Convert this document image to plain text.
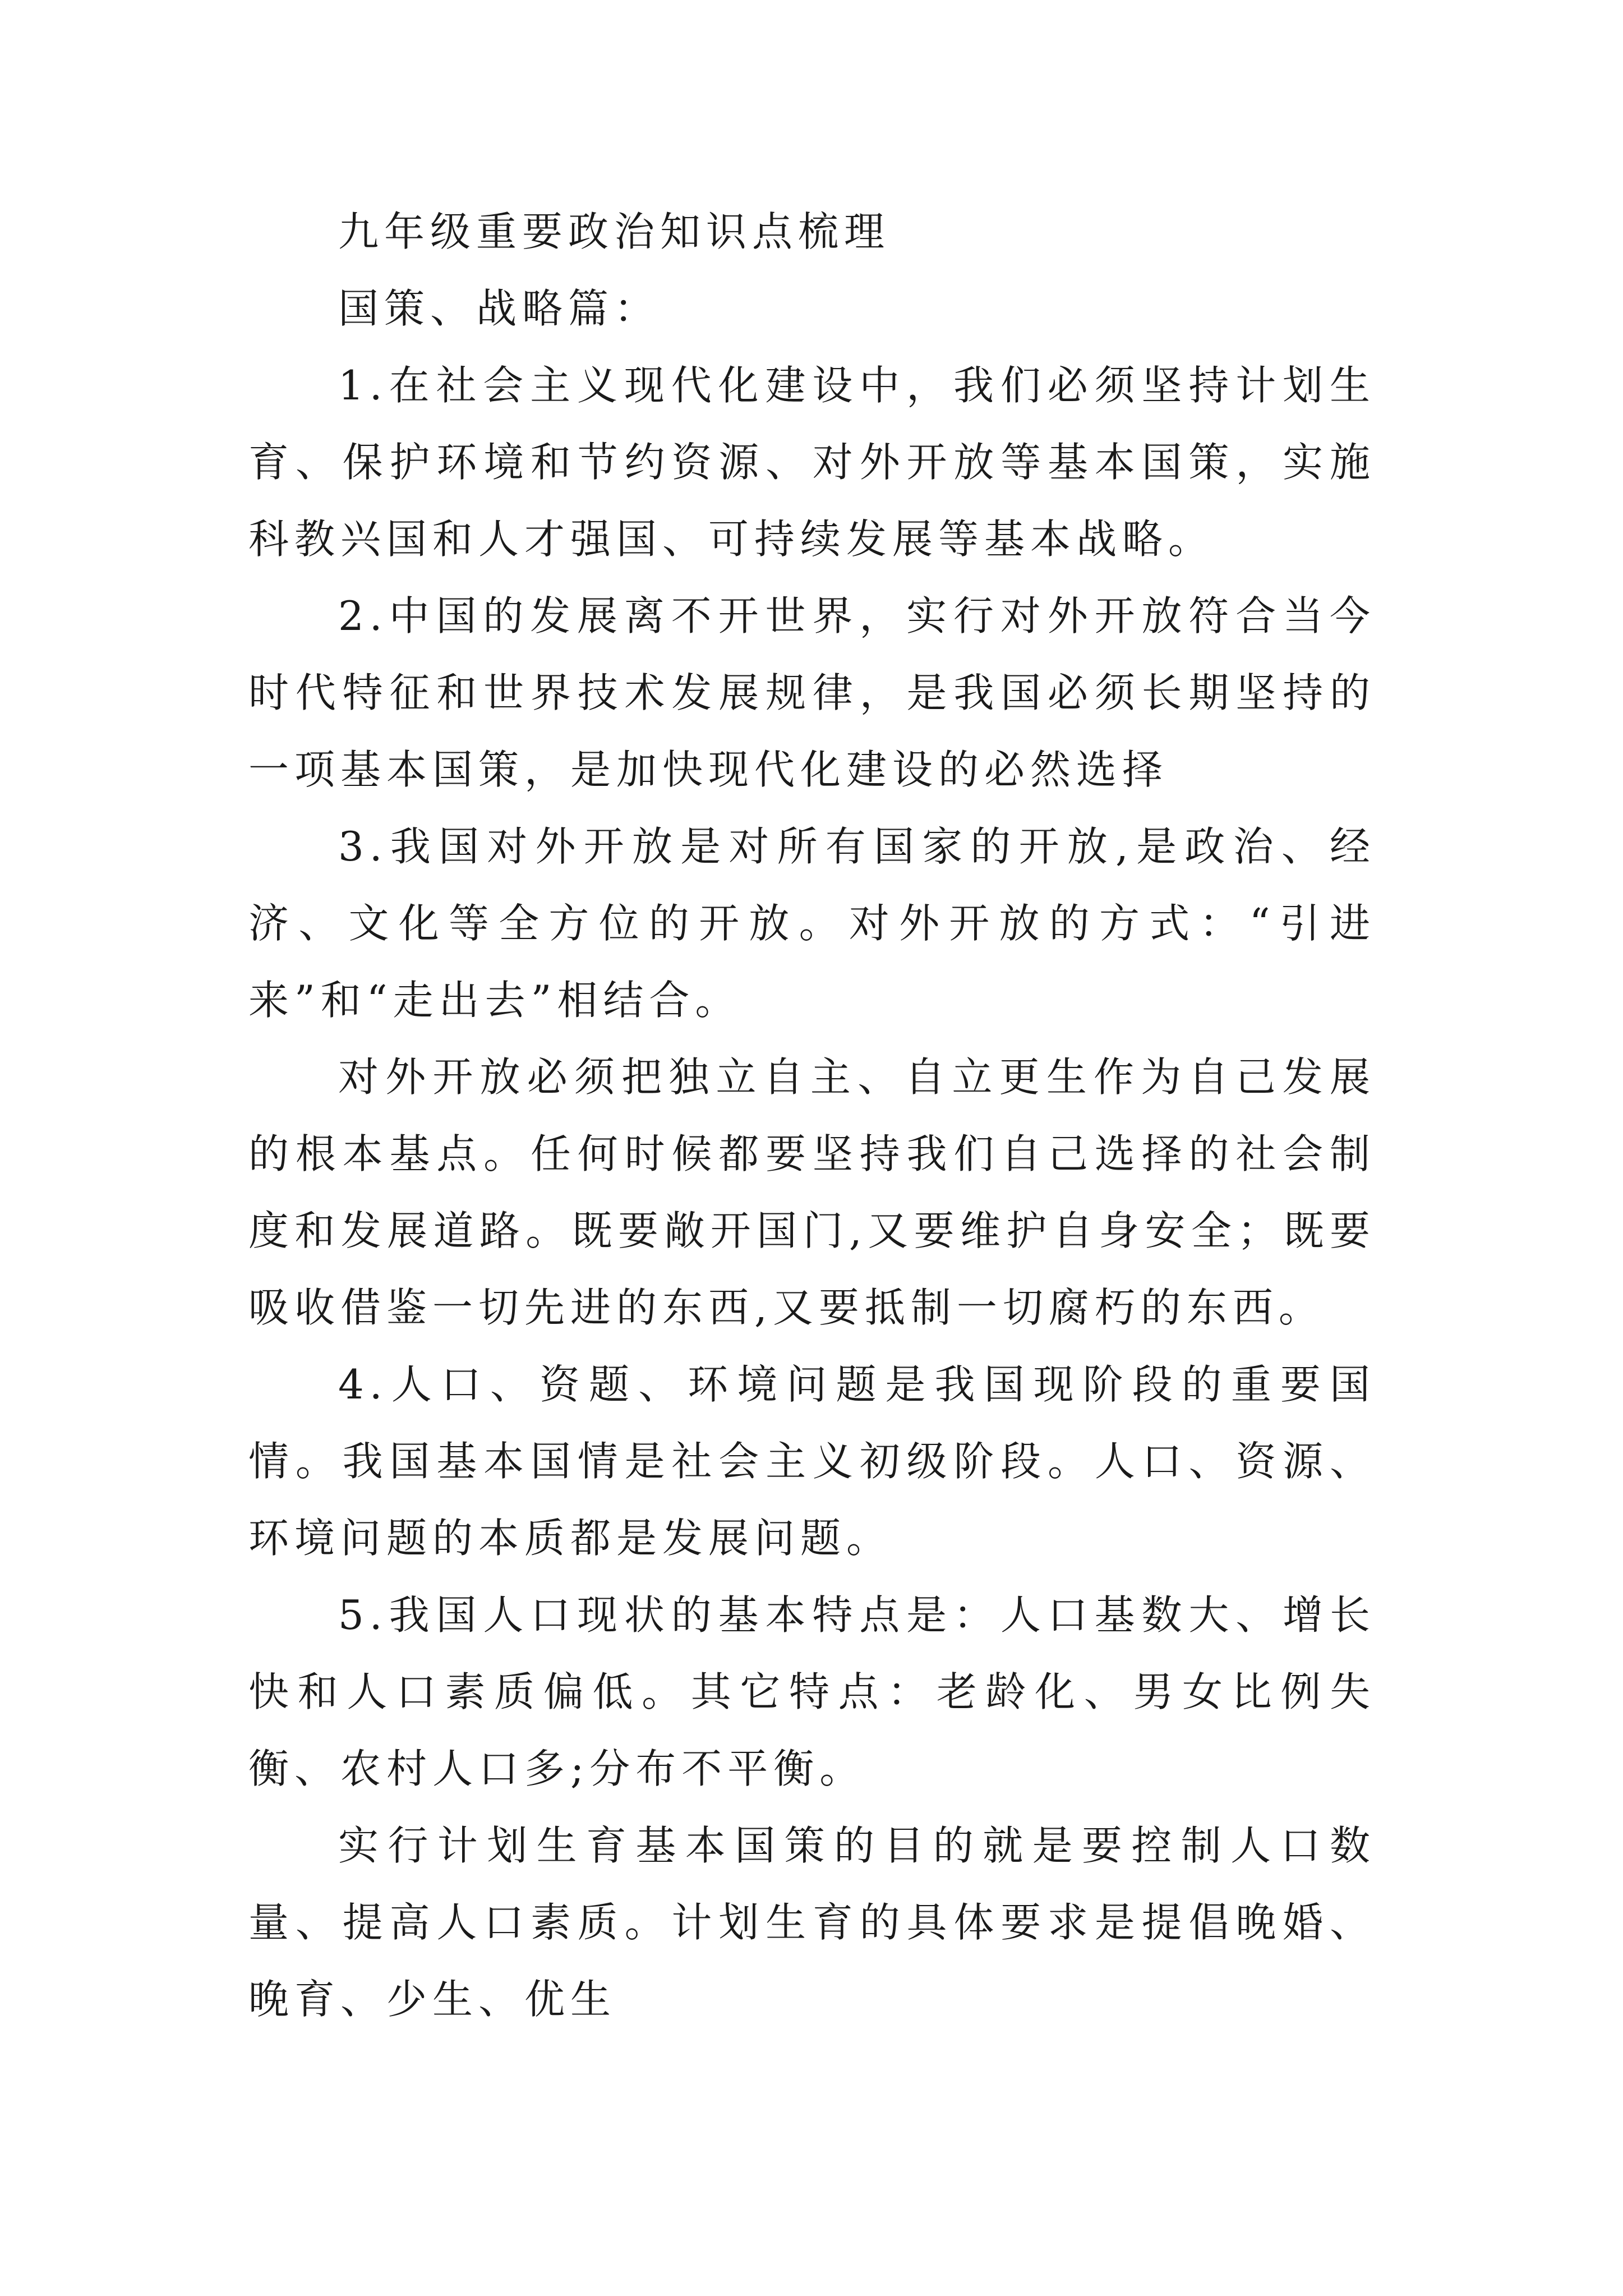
九年级重要政治知识点梳理

国策、战略篇：

1.在社会主义现代化建设中，我们必须坚持计划生育、保护环境和节约资源、对外开放等基本国策，实施科教兴国和人才强国、可持续发展等基本战略。

2.中国的发展离不开世界，实行对外开放符合当今时代特征和世界技术发展规律，是我国必须长期坚持的一项基本国策，是加快现代化建设的必然选择

3.我国对外开放是对所有国家的开放,是政治、经济、文化等全方位的开放。对外开放的方式：“引进来”和“走出去”相结合。

对外开放必须把独立自主、自立更生作为自己发展的根本基点。任何时候都要坚持我们自己选择的社会制度和发展道路。既要敞开国门,又要维护自身安全；既要吸收借鉴一切先进的东西,又要抵制一切腐朽的东西。

4.人口、资题、环境问题是我国现阶段的重要国情。我国基本国情是社会主义初级阶段。人口、资源、环境问题的本质都是发展问题。

5.我国人口现状的基本特点是：人口基数大、增长快和人口素质偏低。其它特点：老龄化、男女比例失衡、农村人口多;分布不平衡。

实行计划生育基本国策的目的就是要控制人口数量、提高人口素质。计划生育的具体要求是提倡晚婚、晚育、少生、优生
